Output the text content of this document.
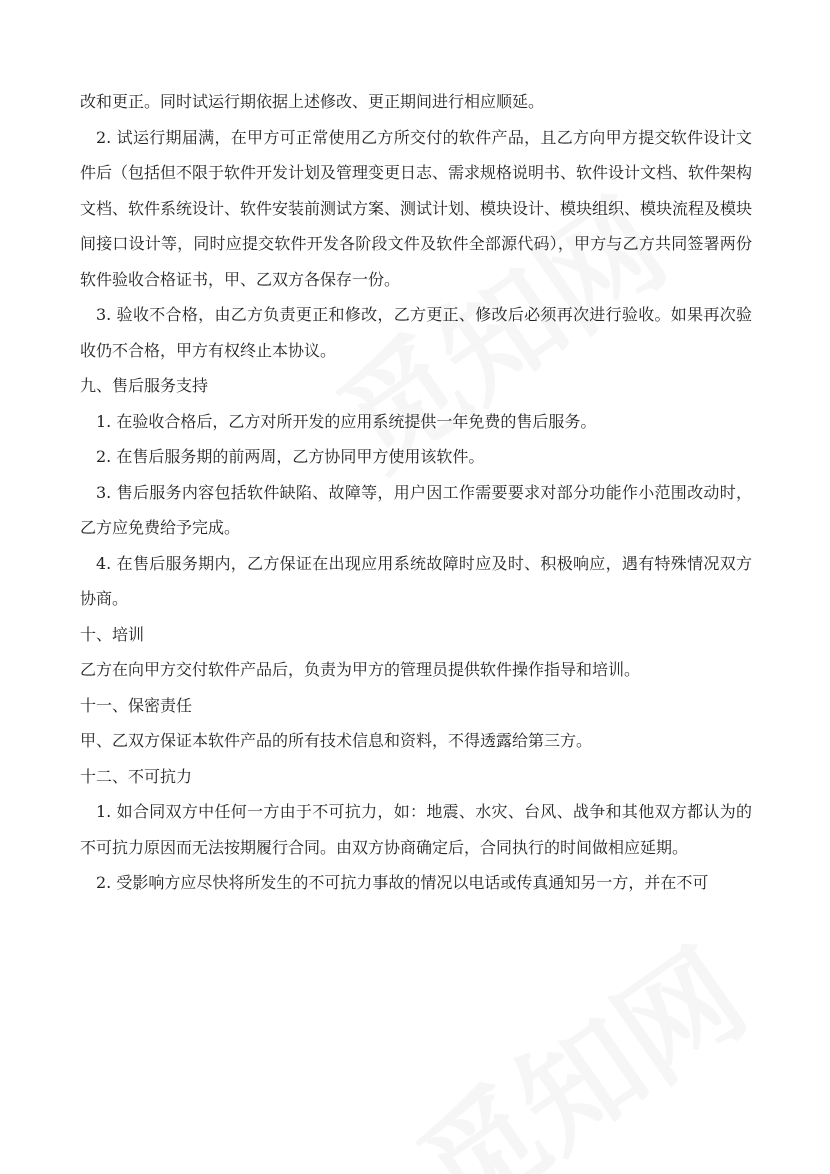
改和更正。同时试运行期依据上述修改、更正期间进行相应顺延。

2. 试运行期届满，在甲方可正常使用乙方所交付的软件产品，且乙方向甲方提交软件设计文件后（包括但不限于软件开发计划及管理变更日志、需求规格说明书、软件设计文档、软件架构文档、软件系统设计、软件安装前测试方案、测试计划、模块设计、模块组织、模块流程及模块间接口设计等，同时应提交软件开发各阶段文件及软件全部源代码），甲方与乙方共同签署两份软件验收合格证书，甲、乙双方各保存一份。

3. 验收不合格，由乙方负责更正和修改，乙方更正、修改后必须再次进行验收。如果再次验收仍不合格，甲方有权终止本协议。

九、售后服务支持

1. 在验收合格后，乙方对所开发的应用系统提供一年免费的售后服务。

2. 在售后服务期的前两周，乙方协同甲方使用该软件。

3. 售后服务内容包括软件缺陷、故障等，用户因工作需要要求对部分功能作小范围改动时，乙方应免费给予完成。

4. 在售后服务期内，乙方保证在出现应用系统故障时应及时、积极响应，遇有特殊情况双方协商。

十、培训

乙方在向甲方交付软件产品后，负责为甲方的管理员提供软件操作指导和培训。

十一、保密责任

甲、乙双方保证本软件产品的所有技术信息和资料，不得透露给第三方。

十二、不可抗力

1. 如合同双方中任何一方由于不可抗力，如：地震、水灾、台风、战争和其他双方都认为的不可抗力原因而无法按期履行合同。由双方协商确定后，合同执行的时间做相应延期。

2. 受影响方应尽快将所发生的不可抗力事故的情况以电话或传真通知另一方，并在不可
